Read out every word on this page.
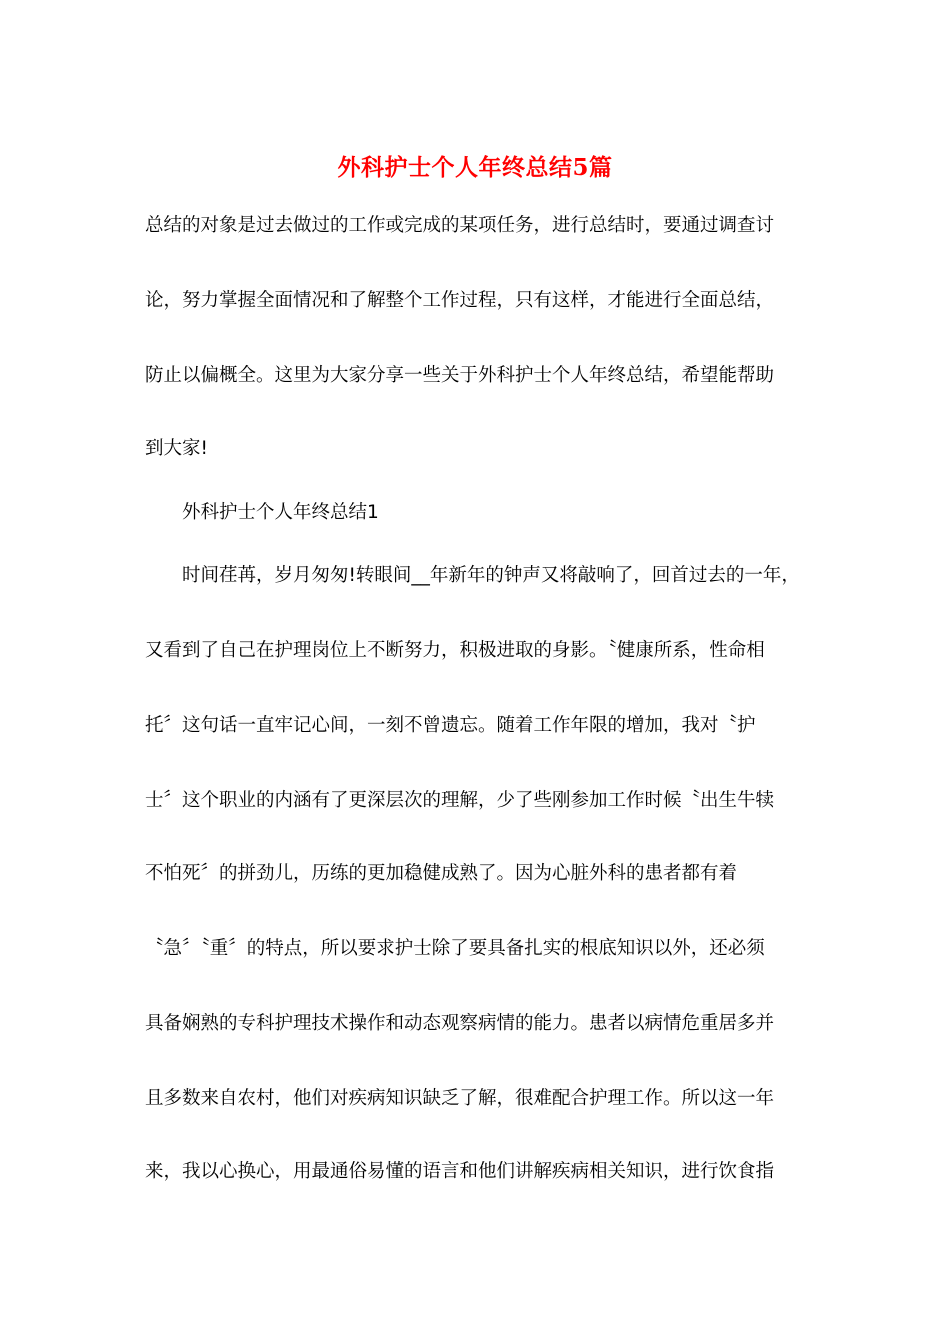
外科护士个人年终总结5篇
总结的对象是过去做过的工作或完成的某项任务，进行总结时，要通过调查讨
论，努力掌握全面情况和了解整个工作过程，只有这样，才能进行全面总结，
防止以偏概全。这里为大家分享一些关于外科护士个人年终总结，希望能帮助
到大家!
外科护士个人年终总结1
时间荏苒，岁月匆匆!转眼间__年新年的钟声又将敲响了，回首过去的一年，
又看到了自己在护理岗位上不断努力，积极进取的身影。〝健康所系，性命相
托〞这句话一直牢记心间，一刻不曾遗忘。随着工作年限的增加，我对〝护
士〞这个职业的内涵有了更深层次的理解，少了些刚参加工作时候〝出生牛犊
不怕死〞的拼劲儿，历练的更加稳健成熟了。因为心脏外科的患者都有着
〝急〞〝重〞的特点，所以要求护士除了要具备扎实的根底知识以外，还必须
具备娴熟的专科护理技术操作和动态观察病情的能力。患者以病情危重居多并
且多数来自农村，他们对疾病知识缺乏了解，很难配合护理工作。所以这一年
来，我以心换心，用最通俗易懂的语言和他们讲解疾病相关知识，进行饮食指
